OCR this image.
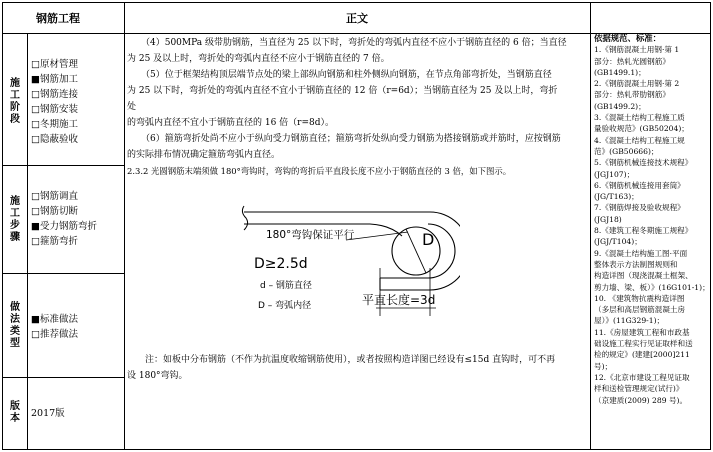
钢筋工程	正文
施工阶段
□原材管理
■钢筋加工
□钢筋连接
□钢筋安装
□冬期施工
□隐蔽验收
施工步骤
□钢筋调直
□钢筋切断
■受力钢筋弯折
□箍筋弯折
做法类型
■标准做法
□推荐做法
版本 2017版
（4）500MPa 级带肋钢筋，当直径为 25 以下时，弯折处的弯弧内直径不应小于钢筋直径的 6 倍；当直径
为 25 及以上时，弯折处的弯弧内直径不应小于钢筋直径的 7 倍。
（5）位于框架结构顶层端节点处的梁上部纵向钢筋和柱外侧纵向钢筋，在节点角部弯折处，当钢筋直径
为 25 以下时，弯折处的弯弧内直径不宜小于钢筋直径的 12 倍（r=6d）；当钢筋直径为 25 及以上时，弯折
处
的弯弧内直径不宜小于钢筋直径的 16 倍（r=8d）。
（6）箍筋弯折处尚不应小于纵向受力钢筋直径；箍筋弯折处纵向受力钢筋为搭接钢筋或并筋时，应按钢筋
的实际排布情况确定箍筋弯弧内直径。
2.3.2 光圆钢筋末端须做 180°弯钩时，弯钩的弯折后平直段长度不应小于钢筋直径的 3 倍，如下图示。
180°弯钩保证平行	D
D≥2.5d
d – 钢筋直径
D – 弯弧内径	平直长度=3d
注：如板中分布钢筋（不作为抗温度收缩钢筋使用），或者按照构造详图已经设有≤15d 直钩时，可不再
设 180°弯钩。
依据规范、标准：
1.《钢筋混凝土用钢·第 1
部分：热轧光圆钢筋》
(GB1499.1)；
2.《钢筋混凝土用钢·第 2
部分：热轧带肋钢筋》
(GB1499.2)；
3.《混凝土结构工程施工质
量验收规范》(GB50204)；
4.《混凝土结构工程施工规
范》(GB50666)；
5.《钢筋机械连接技术规程》
(JGJ107)；
6.《钢筋机械连接用套筒》
(JG/T163)；
7.《钢筋焊接及验收规程》
(JGJ18)
8.《建筑工程冬期施工规程》
(JGJ/T104)；
9.《混凝土结构施工图·平面
整体表示方法制图规则和
构造详图（现浇混凝土框架、
剪力墙、梁、板）》(16G101-1)；
10. 《建筑物抗震构造详图
（多层和高层钢筋混凝土房
屋）》(11G329-1)；
11.《房屋建筑工程和市政基
础设施工程实行见证取样和送
检的规定》(建建[2000]211
号)；
12.《北京市建设工程见证取
样和送检管理规定(试行)》
（京建质(2009) 289 号)。
